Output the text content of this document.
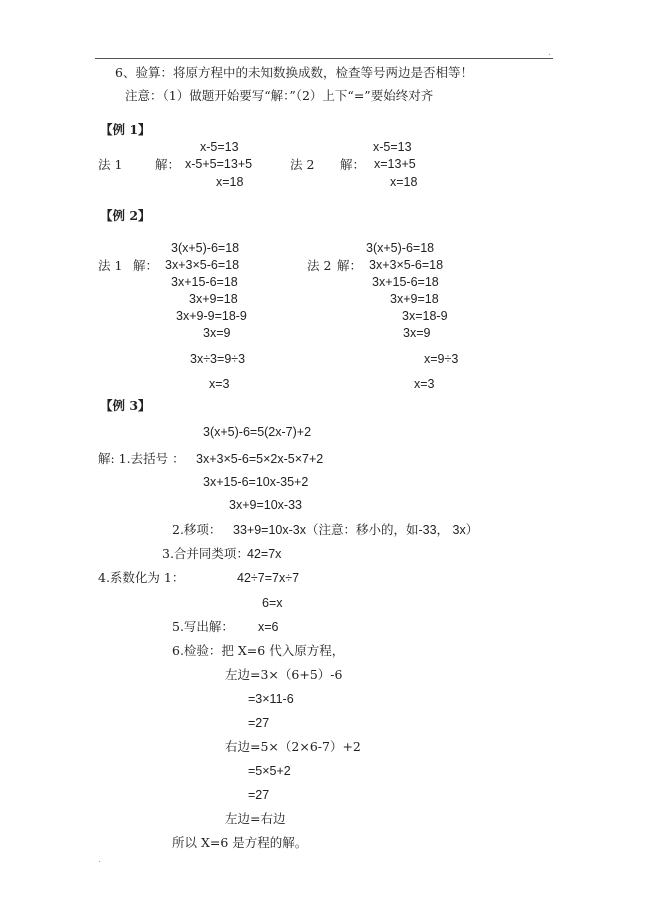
.
6、验算：将原方程中的未知数换成数，检查等号两边是否相等！
注意：（1）做题开始要写“解：”（2）上下“=”要始终对齐
【例 1】
法 1	解：
x-5=13
x-5+5=13+5
x=18
法 2 解：
x-5=13
x=13+5
x=18
【例 2】
法 1 解：
3(x+5)-6=18
3x+3×5-6=18
3x+15-6=18
3x+9=18
3x+9-9=18-9
3x=9
3x÷3=9÷3
x=3
法 2 解：
3(x+5)-6=18
3x+3×5-6=18
3x+15-6=18
3x+9=18
3x=18-9
3x=9
x=9÷3
x=3
【例 3】
3(x+5)-6=5(2x-7)+2
解: 1.去括号 ： 3x+3×5-6=5×2x-5×7+2
3x+15-6=10x-35+2
3x+9=10x-33
2.移项： 33+9=10x-3x（注意：移小的，如-33， 3x）
3.合并同类项：
42=7x
4.系数化为 1：	42÷7=7x÷7
6=x
5.写出解： x=6
6.检验：把 X=6 代入原方程，
左边=3×（6+5）-6
=3×11-6
=27
右边=5×（2×6-7）+2
=5×5+2
=27
左边=右边
所以 X=6 是方程的解。
.
